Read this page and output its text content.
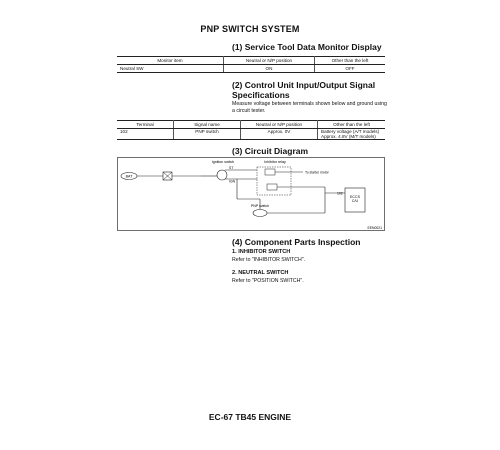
PNP SWITCH SYSTEM
(1) Service Tool Data Monitor Display
Monitor item	Neutral or N/P position	Other than the left
Neutral SW	ON	OFF
(2) Control Unit Input/Output Signal
Specifications
Measure voltage between terminals shown below and ground using
a circuit tester.
Terminal	Signal name	Neutral or N/P position	Other than the left
102	PNP switch	Approx. 0V	Battery voltage (A/T models)
Approx. 4.8V (M/T models)
(3) Circuit Diagram
BAT
Ignition switch
ST
IGN
Inhibitor relay
To starter motor
ECCS
C/U
102
PNP switch
EEN0021
(4) Component Parts Inspection
1. INHIBITOR SWITCH
Refer to "INHIBITOR SWITCH".
2. NEUTRAL SWITCH
Refer to "POSITION SWITCH".
EC-67 TB45 ENGINE
